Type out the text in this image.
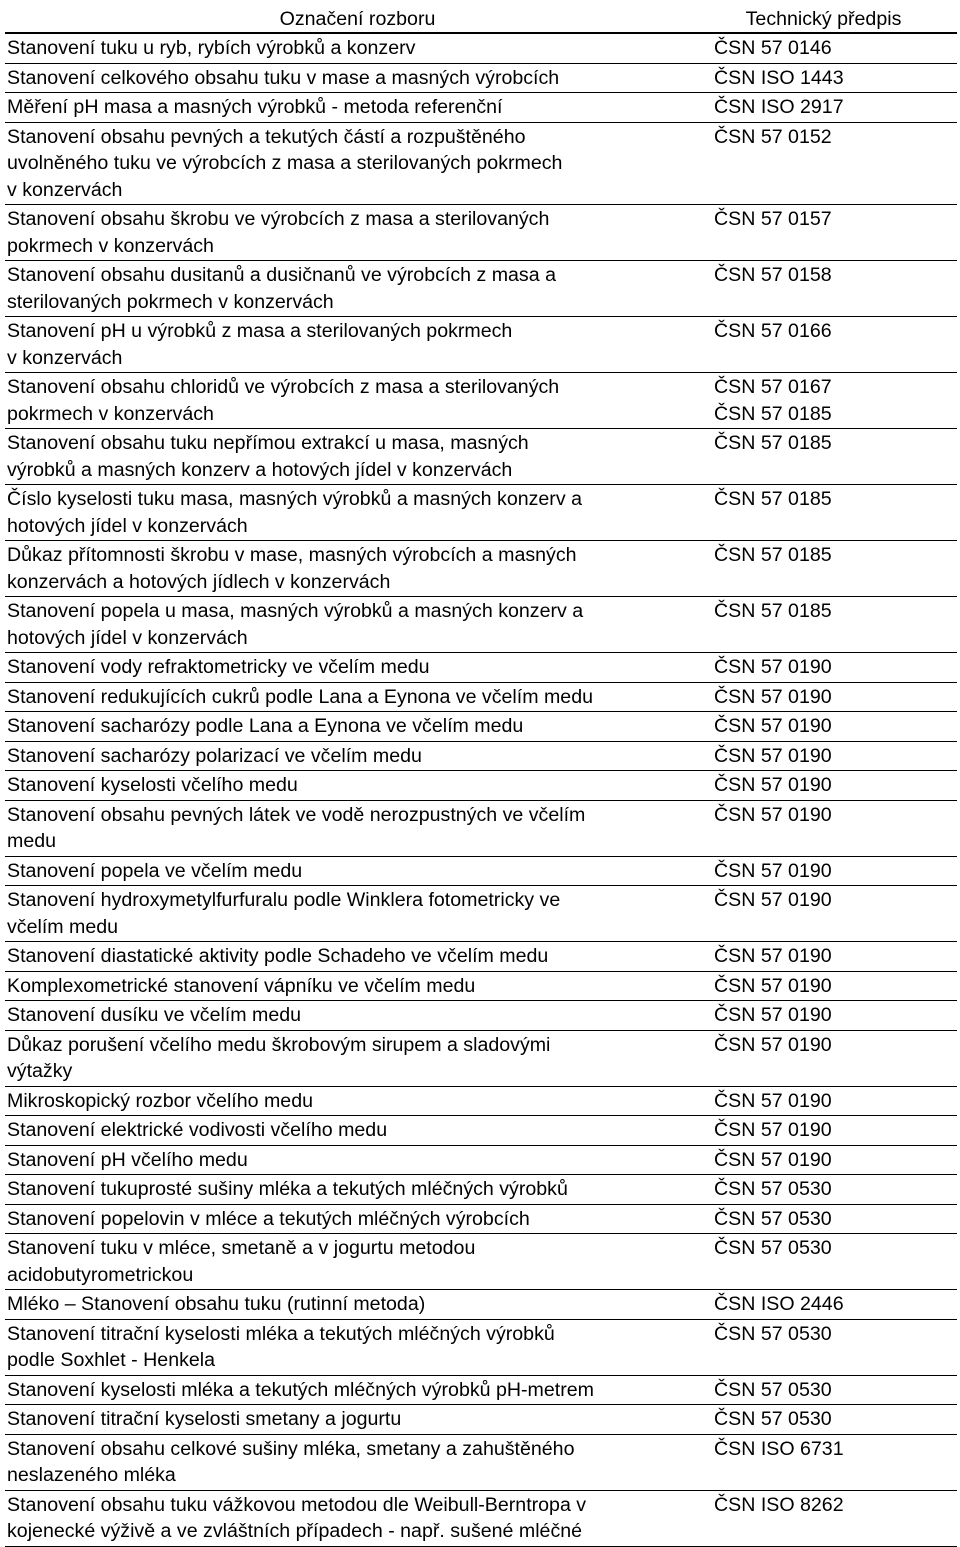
Označení rozboru	Technický předpis
Stanovení tuku u ryb, rybích výrobků a konzerv	ČSN 57 0146
Stanovení celkového obsahu tuku v mase a masných výrobcích	ČSN ISO 1443
Měření pH masa a masných výrobků - metoda referenční	ČSN ISO 2917
Stanovení obsahu pevných a tekutých částí a rozpuštěného
uvolněného tuku ve výrobcích z masa a sterilovaných pokrmech
v konzervách	ČSN 57 0152
Stanovení obsahu škrobu ve výrobcích z masa a sterilovaných
pokrmech v konzervách	ČSN 57 0157
Stanovení obsahu dusitanů a dusičnanů ve výrobcích z masa a
sterilovaných pokrmech v konzervách	ČSN 57 0158
Stanovení pH u výrobků z masa a sterilovaných pokrmech
v konzervách	ČSN 57 0166
Stanovení obsahu chloridů ve výrobcích z masa a sterilovaných
pokrmech v konzervách	ČSN 57 0167
ČSN 57 0185
Stanovení obsahu tuku nepřímou extrakcí u masa, masných
výrobků a masných konzerv a hotových jídel v konzervách	ČSN 57 0185
Číslo kyselosti tuku masa, masných výrobků a masných konzerv a
hotových jídel v konzervách	ČSN 57 0185
Důkaz přítomnosti škrobu v mase, masných výrobcích a masných
konzervách a hotových jídlech v konzervách	ČSN 57 0185
Stanovení popela u masa, masných výrobků a masných konzerv a
hotových jídel v konzervách	ČSN 57 0185
Stanovení vody refraktometricky ve včelím medu	ČSN 57 0190
Stanovení redukujících cukrů podle Lana a Eynona ve včelím medu	ČSN 57 0190
Stanovení sacharózy podle Lana a Eynona ve včelím medu	ČSN 57 0190
Stanovení sacharózy polarizací ve včelím medu	ČSN 57 0190
Stanovení kyselosti včelího medu	ČSN 57 0190
Stanovení obsahu pevných látek ve vodě nerozpustných ve včelím
medu	ČSN 57 0190
Stanovení popela ve včelím medu	ČSN 57 0190
Stanovení hydroxymetylfurfuralu podle Winklera fotometricky ve
včelím medu	ČSN 57 0190
Stanovení diastatické aktivity podle Schadeho ve včelím medu	ČSN 57 0190
Komplexometrické stanovení vápníku ve včelím medu	ČSN 57 0190
Stanovení dusíku ve včelím medu	ČSN 57 0190
Důkaz porušení včelího medu škrobovým sirupem a sladovými
výtažky	ČSN 57 0190
Mikroskopický rozbor včelího medu	ČSN 57 0190
Stanovení elektrické vodivosti včelího medu	ČSN 57 0190
Stanovení pH včelího medu	ČSN 57 0190
Stanovení tukuprosté sušiny mléka a tekutých mléčných výrobků	ČSN 57 0530
Stanovení popelovin v mléce a tekutých mléčných výrobcích	ČSN 57 0530
Stanovení tuku v mléce, smetaně a v jogurtu metodou
acidobutyrometrickou	ČSN 57 0530
Mléko – Stanovení obsahu tuku (rutinní metoda)	ČSN ISO 2446
Stanovení titrační kyselosti mléka a tekutých mléčných výrobků
podle Soxhlet - Henkela	ČSN 57 0530
Stanovení kyselosti mléka a tekutých mléčných výrobků pH-metrem	ČSN 57 0530
Stanovení titrační kyselosti smetany a jogurtu	ČSN 57 0530
Stanovení obsahu celkové sušiny mléka, smetany a zahuštěného
neslazeného mléka	ČSN ISO 6731
Stanovení obsahu tuku vážkovou metodou dle Weibull-Berntropa v
kojenecké výživě a ve zvláštních případech - např. sušené mléčné	ČSN ISO 8262
